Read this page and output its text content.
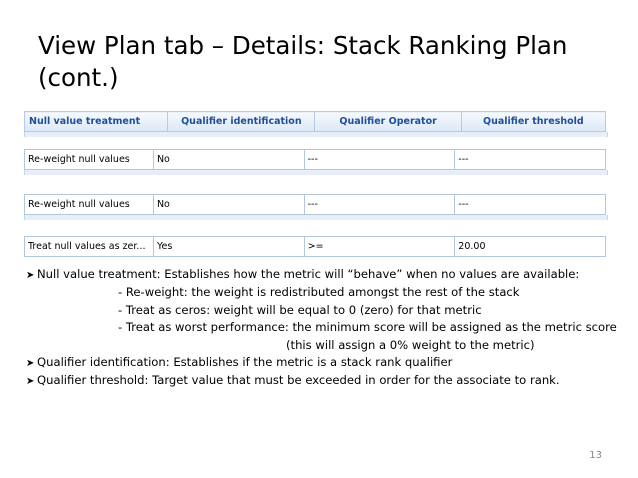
View Plan tab – Details: Stack Ranking Plan (cont.)
Null value treatment	Qualifier identification	Qualifier Operator	Qualifier threshold
Re-weight null values	No	---	---
Re-weight null values	No	---	---
Treat null values as zer...	Yes	>=	20.00
➤ Null value treatment: Establishes how the metric will “behave” when no values are available:
- Re-weight: the weight is redistributed amongst the rest of the stack
- Treat as ceros: weight will be equal to 0 (zero) for that metric
- Treat as worst performance: the minimum score will be assigned as the metric score
(this will assign a 0% weight to the metric)
➤ Qualifier identification: Establishes if the metric is a stack rank qualifier
➤ Qualifier threshold: Target value that must be exceeded in order for the associate to rank.
13
